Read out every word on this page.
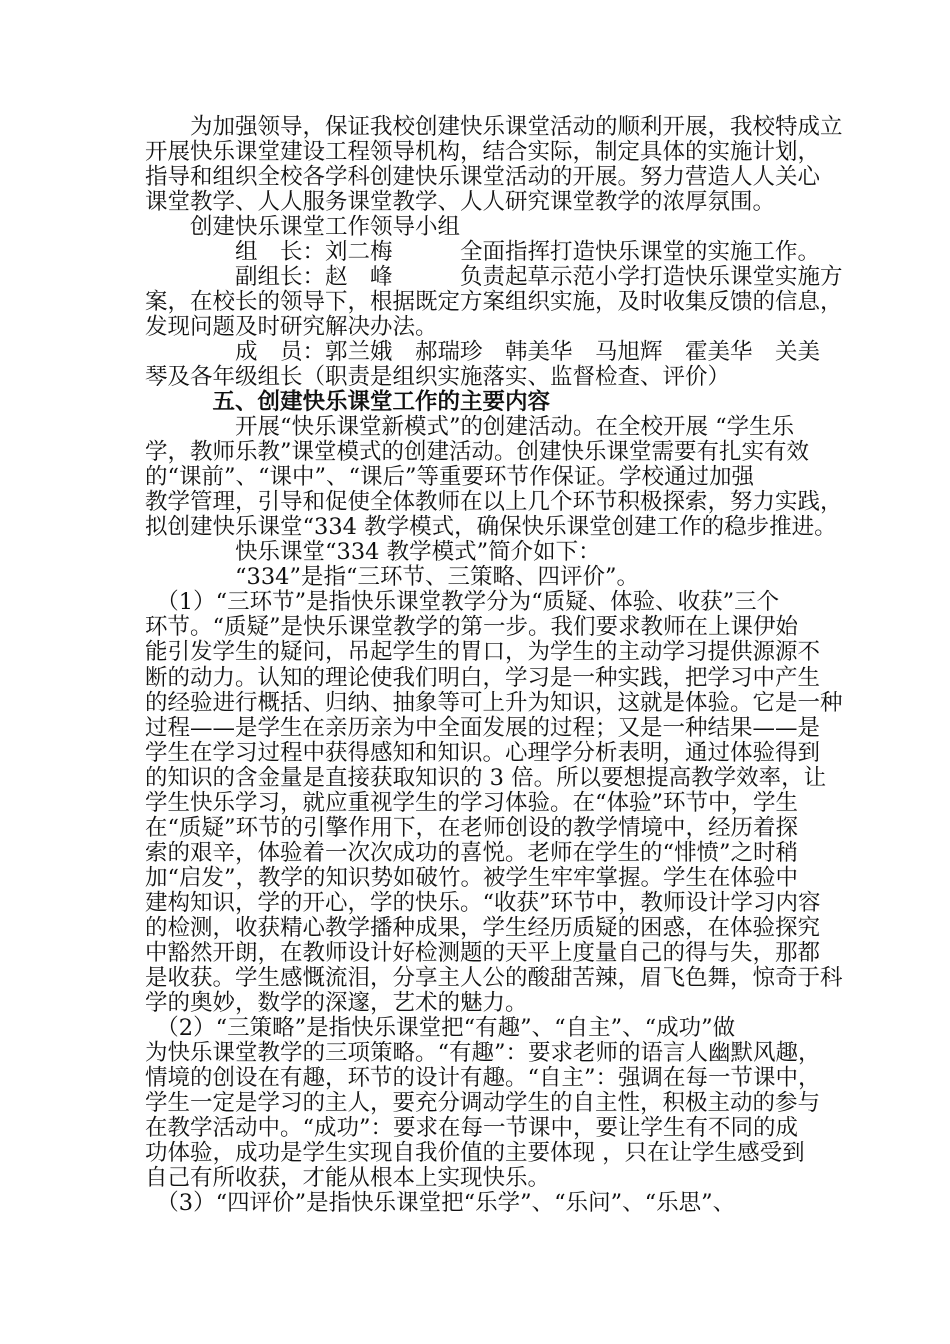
　　为加强领导，保证我校创建快乐课堂活动的顺利开展，我校特成立
开展快乐课堂建设工程领导机构，结合实际，制定具体的实施计划，
指导和组织全校各学科创建快乐课堂活动的开展。努力营造人人关心
课堂教学、人人服务课堂教学、人人研究课堂教学的浓厚氛围。
　　创建快乐课堂工作领导小组
　　　　组　长：刘二梅　　　全面指挥打造快乐课堂的实施工作。
　　　　副组长：赵　峰　　　负责起草示范小学打造快乐课堂实施方
案，在校长的领导下，根据既定方案组织实施，及时收集反馈的信息，
发现问题及时研究解决办法。
　　　　成　员：郭兰娥　郝瑞珍　韩美华　马旭辉　霍美华　关美
琴及各年级组长（职责是组织实施落实、监督检查、评价）
　　　五、创建快乐课堂工作的主要内容
　　　　开展“快乐课堂新模式”的创建活动。在全校开展 “学生乐
学，教师乐教”课堂模式的创建活动。创建快乐课堂需要有扎实有效
的“课前”、“课中”、“课后”等重要环节作保证。学校通过加强
教学管理，引导和促使全体教师在以上几个环节积极探索，努力实践，
拟创建快乐课堂“334 教学模式，确保快乐课堂创建工作的稳步推进。
　　　　快乐课堂“334 教学模式”简介如下：
　　　　“334”是指“三环节、三策略、四评价”。
　（1）“三环节”是指快乐课堂教学分为“质疑、体验、收获”三个
环节。“质疑”是快乐课堂教学的第一步。我们要求教师在上课伊始
能引发学生的疑问，吊起学生的胃口，为学生的主动学习提供源源不
断的动力。认知的理论使我们明白，学习是一种实践，把学习中产生
的经验进行概括、归纳、抽象等可上升为知识，这就是体验。它是一种
过程——是学生在亲历亲为中全面发展的过程；又是一种结果——是
学生在学习过程中获得感知和知识。心理学分析表明，通过体验得到
的知识的含金量是直接获取知识的 3 倍。所以要想提高教学效率，让
学生快乐学习，就应重视学生的学习体验。在“体验”环节中，学生
在“质疑”环节的引擎作用下，在老师创设的教学情境中，经历着探
索的艰辛，体验着一次次成功的喜悦。老师在学生的“悱愤”之时稍
加“启发”，教学的知识势如破竹。被学生牢牢掌握。学生在体验中
建构知识，学的开心，学的快乐。“收获”环节中，教师设计学习内容
的检测，收获精心教学播种成果，学生经历质疑的困惑，在体验探究
中豁然开朗，在教师设计好检测题的天平上度量自己的得与失，那都
是收获。学生感慨流泪，分享主人公的酸甜苦辣，眉飞色舞，惊奇于科
学的奥妙，数学的深邃，艺术的魅力。
　（2）“三策略”是指快乐课堂把“有趣”、“自主”、“成功”做
为快乐课堂教学的三项策略。“有趣”：要求老师的语言人幽默风趣，
情境的创设在有趣，环节的设计有趣。“自主”：强调在每一节课中，
学生一定是学习的主人，要充分调动学生的自主性，积极主动的参与
在教学活动中。“成功”：要求在每一节课中，要让学生有不同的成
功体验，成功是学生实现自我价值的主要体现 ，只在让学生感受到
自己有所收获，才能从根本上实现快乐。
　（3）“四评价”是指快乐课堂把“乐学”、“乐问”、“乐思”、
